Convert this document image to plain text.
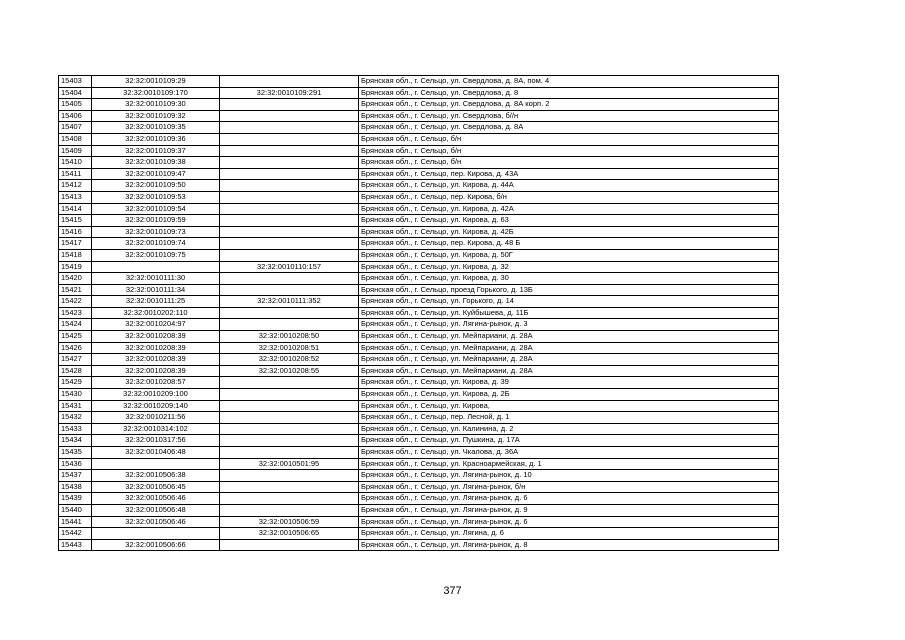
15403	32:32:0010109:29		Брянская обл., г. Сельцо, ул. Свердлова, д. 8А, пом. 4
15404	32:32:0010109:170	32:32:0010109:291	Брянская обл., г. Сельцо, ул. Свердлова, д. 8
15405	32:32:0010109:30		Брянская обл., г. Сельцо, ул. Свердлова, д. 8А корп. 2
15406	32:32:0010109:32		Брянская обл., г. Сельцо, ул. Свердлова, б//н
15407	32:32:0010109:35		Брянская обл., г. Сельцо, ул. Свердлова, д. 8А
15408	32:32:0010109:36		Брянская обл., г. Сельцо, б/н
15409	32:32:0010109:37		Брянская обл., г. Сельцо, б/н
15410	32:32:0010109:38		Брянская обл., г. Сельцо, б/н
15411	32:32:0010109:47		Брянская обл., г. Сельцо, пер. Кирова, д. 43А
15412	32:32:0010109:50		Брянская обл., г. Сельцо, ул. Кирова, д. 44А
15413	32:32:0010109:53		Брянская обл., г. Сельцо, пер. Кирова, б/н
15414	32:32:0010109:54		Брянская обл., г. Сельцо, ул. Кирова, д. 42А
15415	32:32:0010109:59		Брянская обл., г. Сельцо, ул. Кирова, д. 63
15416	32:32:0010109:73		Брянская обл., г. Сельцо, ул. Кирова, д. 42Б
15417	32:32:0010109:74		Брянская обл., г. Сельцо, пер. Кирова, д. 48 Б
15418	32:32:0010109:75		Брянская обл., г. Сельцо, ул. Кирова, д. 50Г
15419		32:32:0010110:157	Брянская обл., г. Сельцо, ул. Кирова, д. 32
15420	32:32:0010111:30		Брянская обл., г. Сельцо, ул. Кирова, д. 30
15421	32:32:0010111:34		Брянская обл., г. Сельцо, проезд Горького, д. 13Б
15422	32:32:0010111:25	32:32:0010111:352	Брянская обл., г. Сельцо, ул. Горького, д. 14
15423	32:32:0010202:110		Брянская обл., г. Сельцо, ул. Куйбышева, д. 11Б
15424	32:32:0010204:97		Брянская обл., г. Сельцо, ул. Лягина-рынок, д. 3
15425	32:32:0010208:39	32:32:0010208:50	Брянская обл., г. Сельцо, ул. Мейпариани, д. 28А
15426	32:32:0010208:39	32:32:0010208:51	Брянская обл., г. Сельцо, ул. Мейпариани, д. 28А
15427	32:32:0010208:39	32:32:0010208:52	Брянская обл., г. Сельцо, ул. Мейпариани, д. 28А
15428	32:32:0010208:39	32:32:0010208:55	Брянская обл., г. Сельцо, ул. Мейпариани, д. 28А
15429	32:32:0010208:57		Брянская обл., г. Сельцо, ул. Кирова, д. 39
15430	32:32:0010209:100		Брянская обл., г. Сельцо, ул. Кирова, д. 2Б
15431	32:32:0010209:140		Брянская обл., г. Сельцо, ул. Кирова,
15432	32:32:0010211:56		Брянская обл., г. Сельцо, пер. Лесной, д. 1
15433	32:32:0010314:102		Брянская обл., г. Сельцо, ул. Калинина, д. 2
15434	32:32:0010317:56		Брянская обл., г. Сельцо, ул. Пушкина, д. 17А
15435	32:32:0010406:48		Брянская обл., г. Сельцо, ул. Чкалова, д. 36А
15436		32:32:0010501:95	Брянская обл., г. Сельцо, ул. Красноармейская, д. 1
15437	32:32:0010506:38		Брянская обл., г. Сельцо, ул. Лягина-рынок, д. 10
15438	32:32:0010506:45		Брянская обл., г. Сельцо, ул. Лягина-рынок, б/н
15439	32:32:0010506:46		Брянская обл., г. Сельцо, ул. Лягина-рынок, д. 6
15440	32:32:0010506:48		Брянская обл., г. Сельцо, ул. Лягина-рынок, д. 9
15441	32:32:0010506:46	32:32:0010506:59	Брянская обл., г. Сельцо, ул. Лягина-рынок, д. 6
15442		32:32:0010506:65	Брянская обл., г. Сельцо, ул. Лягина, д. 6
15443	32:32:0010506:66		Брянская обл., г. Сельцо, ул. Лягина-рынок, д. 8
377
